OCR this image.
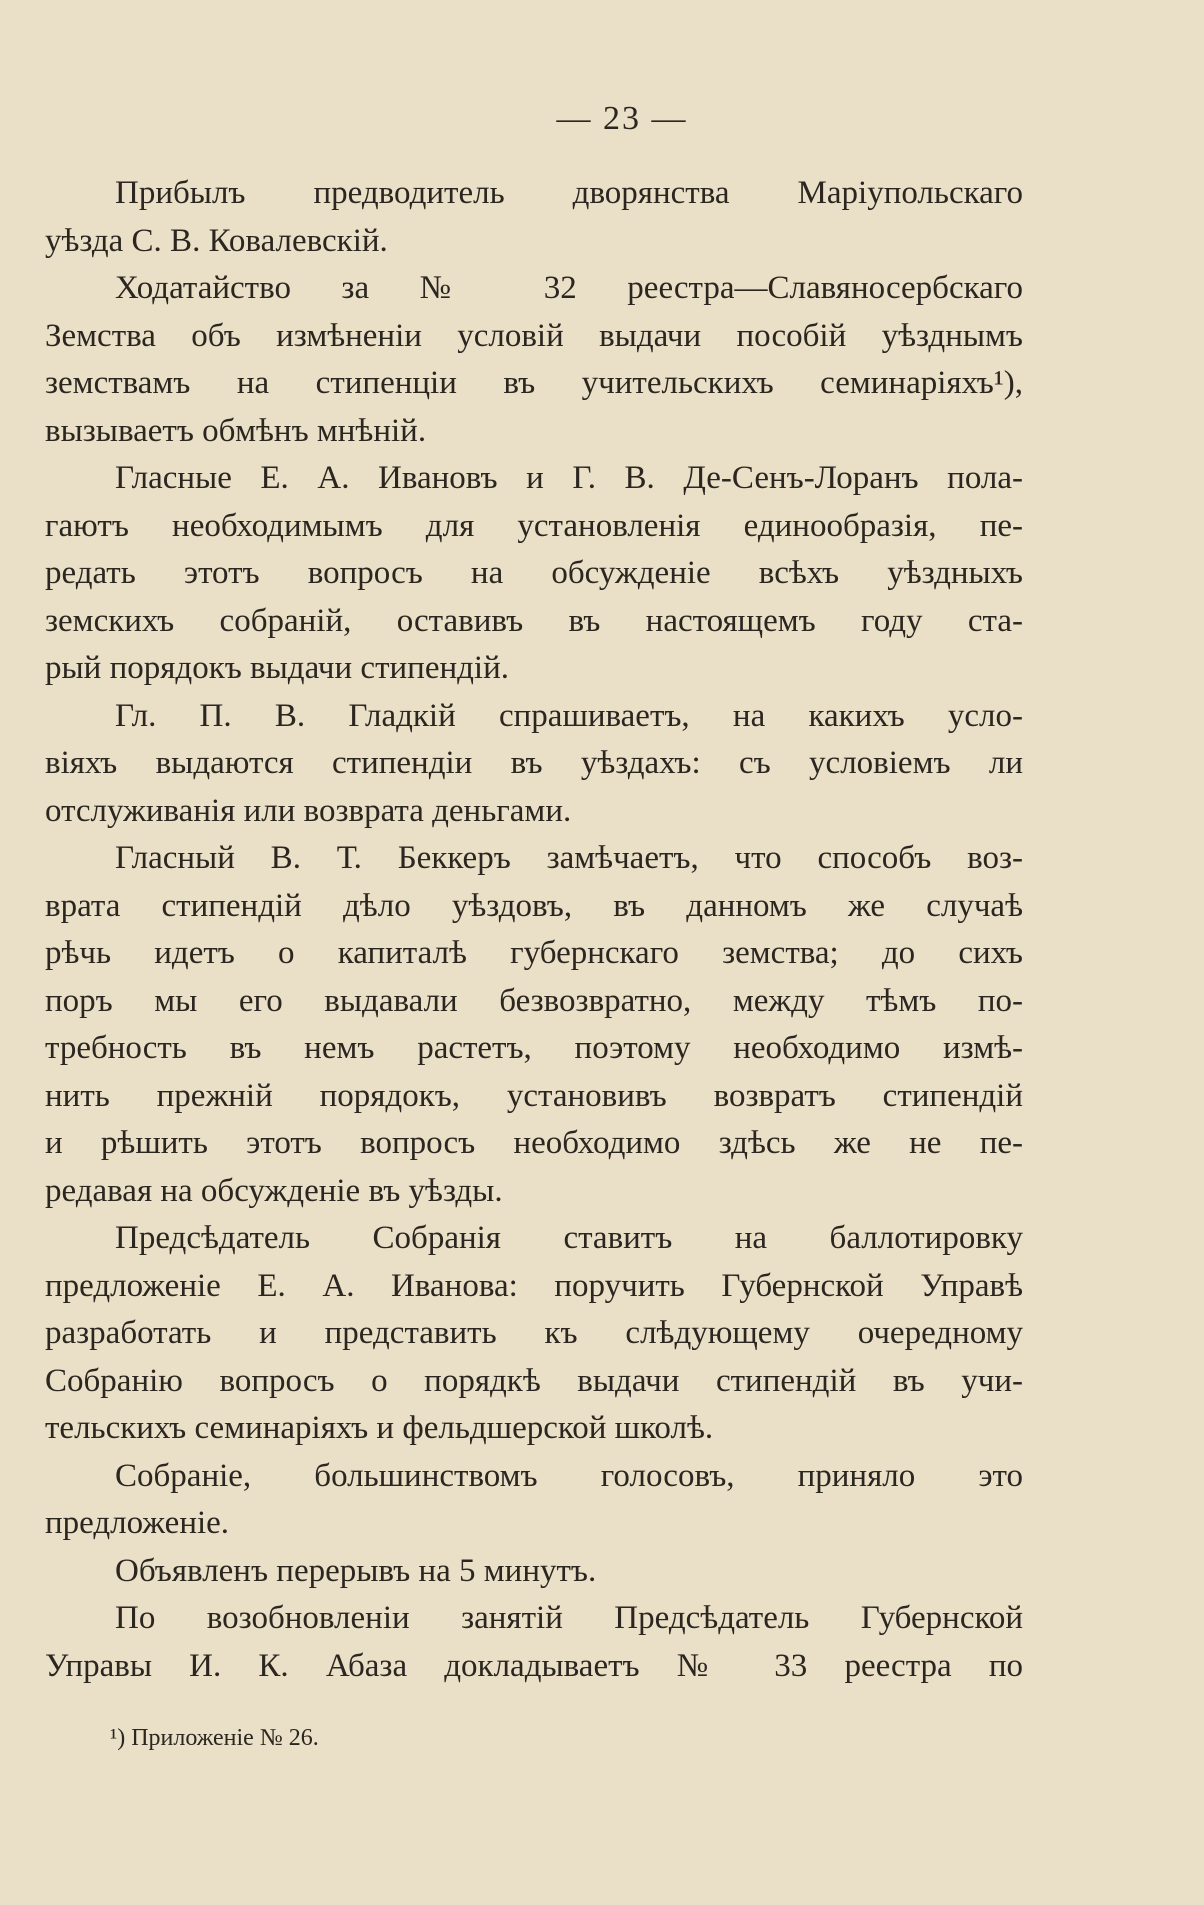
— 23 —
Прибылъ предводитель дворянства Маріупольскаго
уѣзда С. В. Ковалевскій.
Ходатайство за № 32 реестра—Славяносербскаго
Земства объ измѣненіи условій выдачи пособій уѣзднымъ
земствамъ на стипенціи въ учительскихъ семинаріяхъ¹),
вызываетъ обмѣнъ мнѣній.
Гласные Е. А. Ивановъ и Г. В. Де-Сенъ-Лоранъ пола-
гаютъ необходимымъ для установленія единообразія, пе-
редать этотъ вопросъ на обсужденіе всѣхъ уѣздныхъ
земскихъ собраній, оставивъ въ настоящемъ году ста-
рый порядокъ выдачи стипендій.
Гл. П. В. Гладкій спрашиваетъ, на какихъ усло-
віяхъ выдаются стипендіи въ уѣздахъ: съ условіемъ ли
отслуживанія или возврата деньгами.
Гласный В. Т. Беккеръ замѣчаетъ, что способъ воз-
врата стипендій дѣло уѣздовъ, въ данномъ же случаѣ
рѣчь идетъ о капиталѣ губернскаго земства; до сихъ
поръ мы его выдавали безвозвратно, между тѣмъ по-
требность въ немъ растетъ, поэтому необходимо измѣ-
нить прежній порядокъ, установивъ возвратъ стипендій
и рѣшить этотъ вопросъ необходимо здѣсь же не пе-
редавая на обсужденіе въ уѣзды.
Предсѣдатель Собранія ставитъ на баллотировку
предложеніе Е. А. Иванова: поручить Губернской Управѣ
разработать и представить къ слѣдующему очередному
Собранію вопросъ о порядкѣ выдачи стипендій въ учи-
тельскихъ семинаріяхъ и фельдшерской школѣ.
Собраніе, большинствомъ голосовъ, приняло это
предложеніе.
Объявленъ перерывъ на 5 минутъ.
По возобновленіи занятій Предсѣдатель Губернской
Управы И. К. Абаза докладываетъ № 33 реестра по
¹) Приложеніе № 26.
